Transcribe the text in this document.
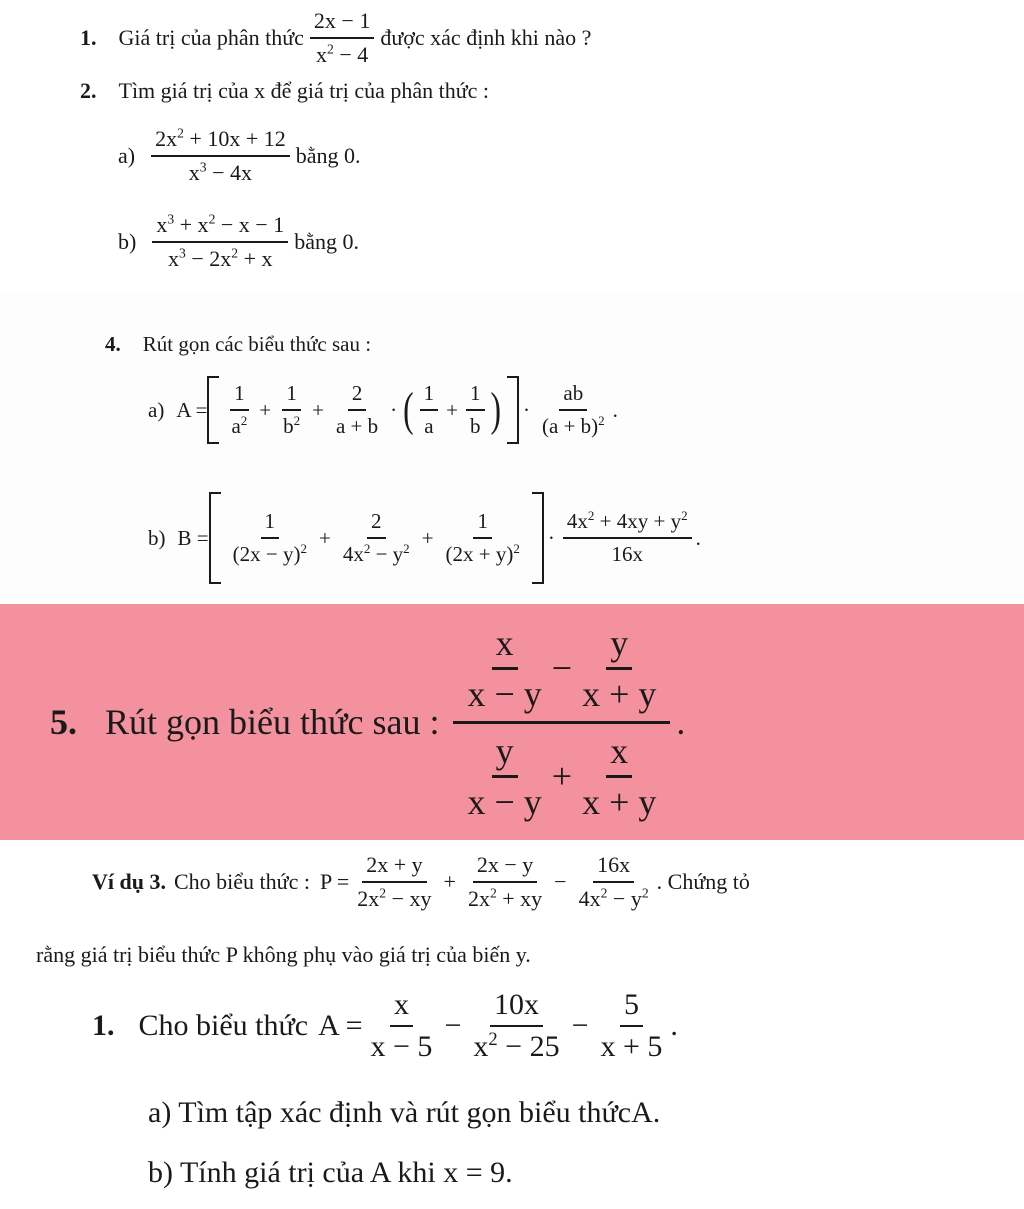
1. Giá trị của phân thức $\frac{2x - 1}{x^2 - 4}$ được xác định khi nào ?
2. Tìm giá trị của x để giá trị của phân thức :
$a) \frac{2x^2 + 10x + 12}{x^3 - 4x}$ bằng 0.
$b) \frac{x^3 + x^2 - x - 1}{x^3 - 2x^2 + x}$ bằng 0.
4. Rút gọn các biểu thức sau :
a) $A = \frac{1}{a^2} + \frac{1}{b^2} + \frac{2}{a + b}$ · ( $\frac{1}{a} + \frac{1}{b}$ ) · $\frac{ab}{(a + b)^2}$ .
b) $B = \frac{1}{(2x - y)^2} + \frac{2}{4x^2 - y^2} + \frac{1}{(2x + y)^2} \cdot \frac{4x^2 + 4xy + y^2}{16x}$ .
5. Rút gọn biểu thức sau : $\frac{\frac{x}{x - y} - \frac{y}{x + y}}{\frac{y}{x - y} + \frac{x}{x + y}}$ .
Ví dụ 3. Cho biểu thức : $P = \frac{2x + y}{2x^2 - xy} + \frac{2x - y}{2x^2 + xy} - \frac{16x}{4x^2 - y^2}$ . Chứng tỏ
rằng giá trị biểu thức P không phụ vào giá trị của biến y.
1. Cho biểu thức $A = \frac{x}{x - 5} - \frac{10x}{x^2 - 25} - \frac{5}{x + 5}$ .
a) Tìm tập xác định và rút gọn biểu thứcA.
b) Tính giá trị của A khi x = 9.
